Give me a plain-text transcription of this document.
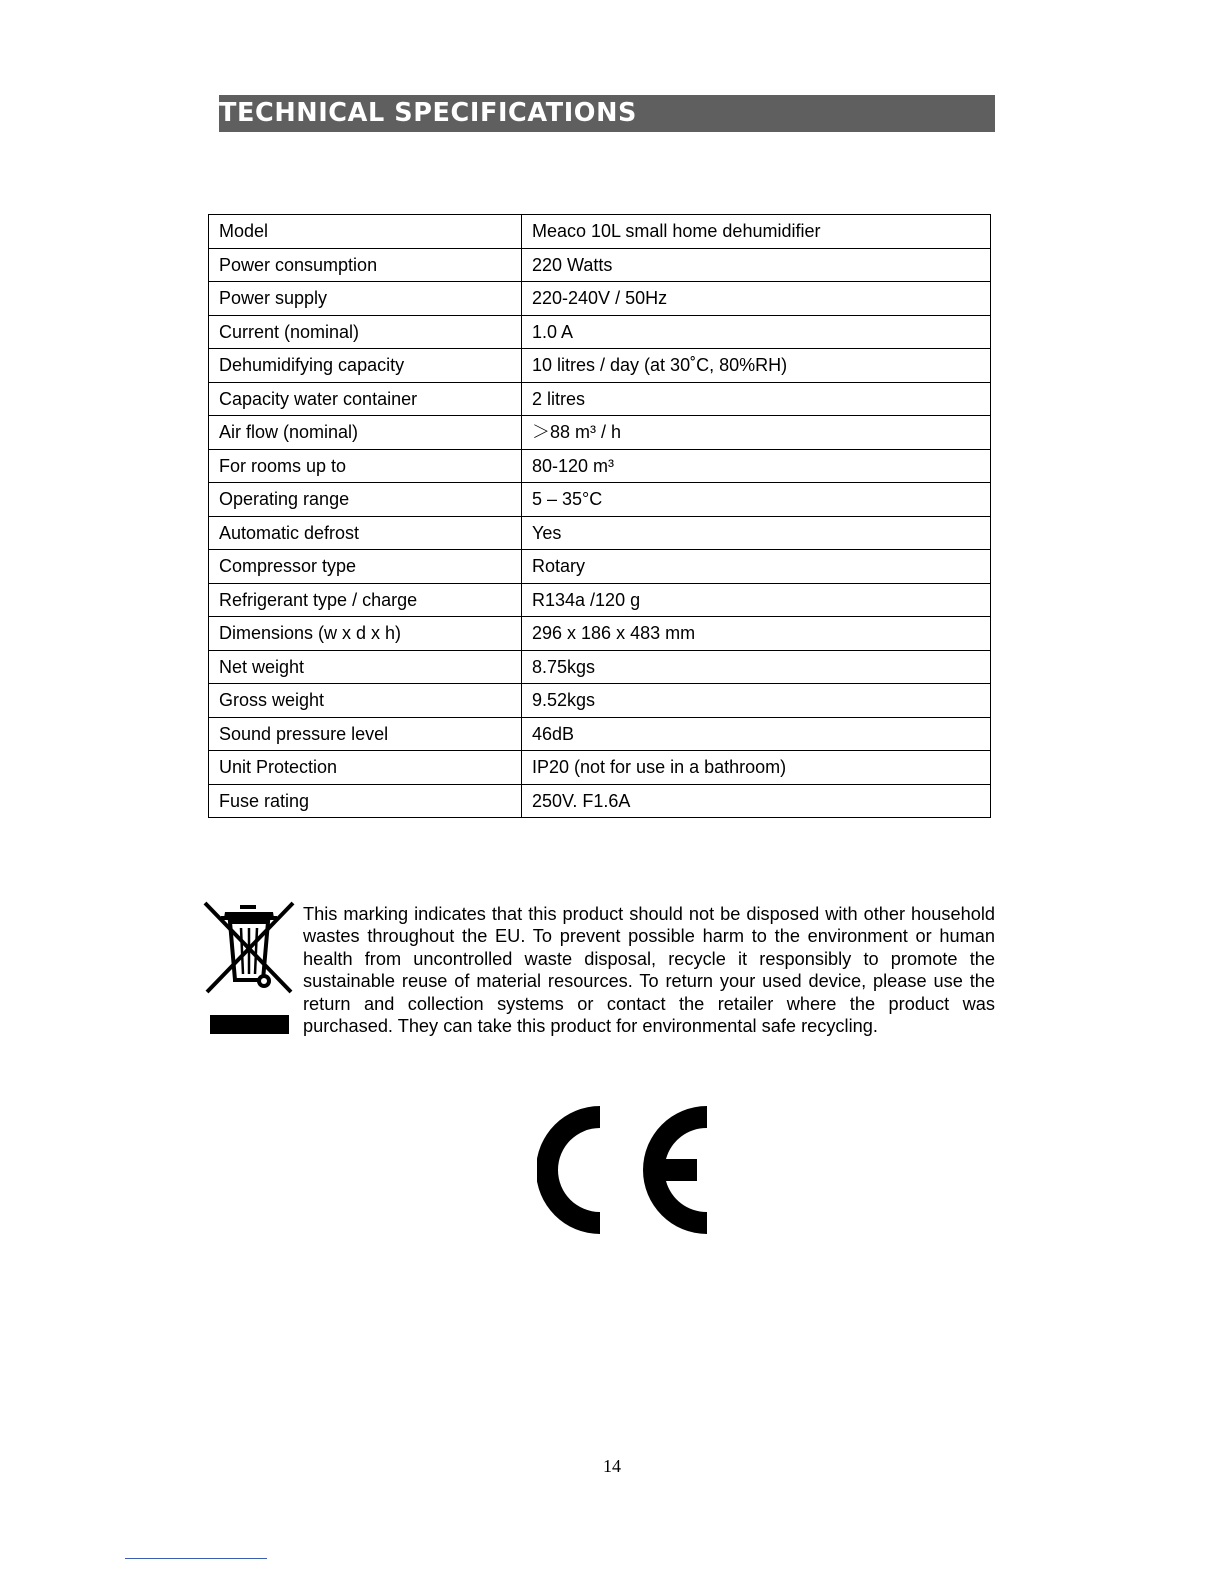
TECHNICAL SPECIFICATIONS
Model	Meaco 10L small home dehumidifier
Power consumption	220 Watts
Power supply	220-240V / 50Hz
Current (nominal)	1.0 A
Dehumidifying capacity	10 litres / day (at 30˚C, 80%RH)
Capacity water container	2 litres
Air flow (nominal)	＞88 m³ / h
For rooms up to	80-120 m³
Operating range	5 – 35°C
Automatic defrost	Yes
Compressor type	Rotary
Refrigerant type / charge	R134a /120 g
Dimensions (w x d x h)	296 x 186 x 483 mm
Net weight	8.75kgs
Gross weight	9.52kgs
Sound pressure level	46dB
Unit Protection	IP20 (not for use in a bathroom)
Fuse rating	250V. F1.6A
This marking indicates that this product should not be disposed with other household wastes throughout the EU. To prevent possible harm to the environment or human health from uncontrolled waste disposal, recycle it responsibly to promote the sustainable reuse of material resources. To return your used device, please use the return and collection systems or contact the retailer where the product was purchased. They can take this product for environmental safe recycling.
14
